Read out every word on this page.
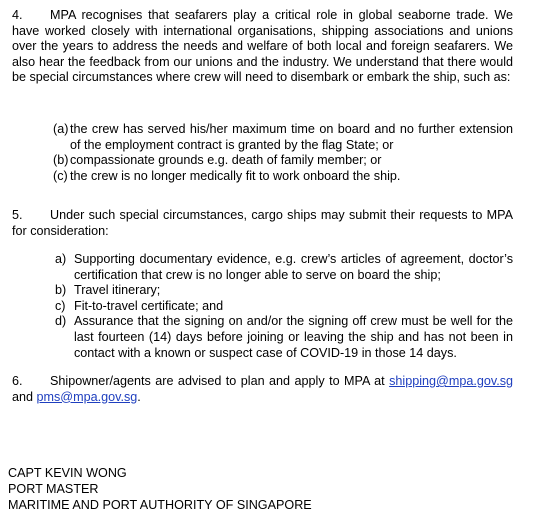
4. MPA recognises that seafarers play a critical role in global seaborne trade. We have worked closely with international organisations, shipping associations and unions over the years to address the needs and welfare of both local and foreign seafarers. We also hear the feedback from our unions and the industry. We understand that there would be special circumstances where crew will need to disembark or embark the ship, such as:

(a) the crew has served his/her maximum time on board and no further extension of the employment contract is granted by the flag State; or
(b) compassionate grounds e.g. death of family member; or
(c) the crew is no longer medically fit to work onboard the ship.

5. Under such special circumstances, cargo ships may submit their requests to MPA for consideration:

a) Supporting documentary evidence, e.g. crew’s articles of agreement, doctor’s certification that crew is no longer able to serve on board the ship;
b) Travel itinerary;
c) Fit-to-travel certificate; and
d) Assurance that the signing on and/or the signing off crew must be well for the last fourteen (14) days before joining or leaving the ship and has not been in contact with a known or suspect case of COVID-19 in those 14 days.

6. Shipowner/agents are advised to plan and apply to MPA at shipping@mpa.gov.sg and pms@mpa.gov.sg.

CAPT KEVIN WONG

PORT MASTER

MARITIME AND PORT AUTHORITY OF SINGAPORE
